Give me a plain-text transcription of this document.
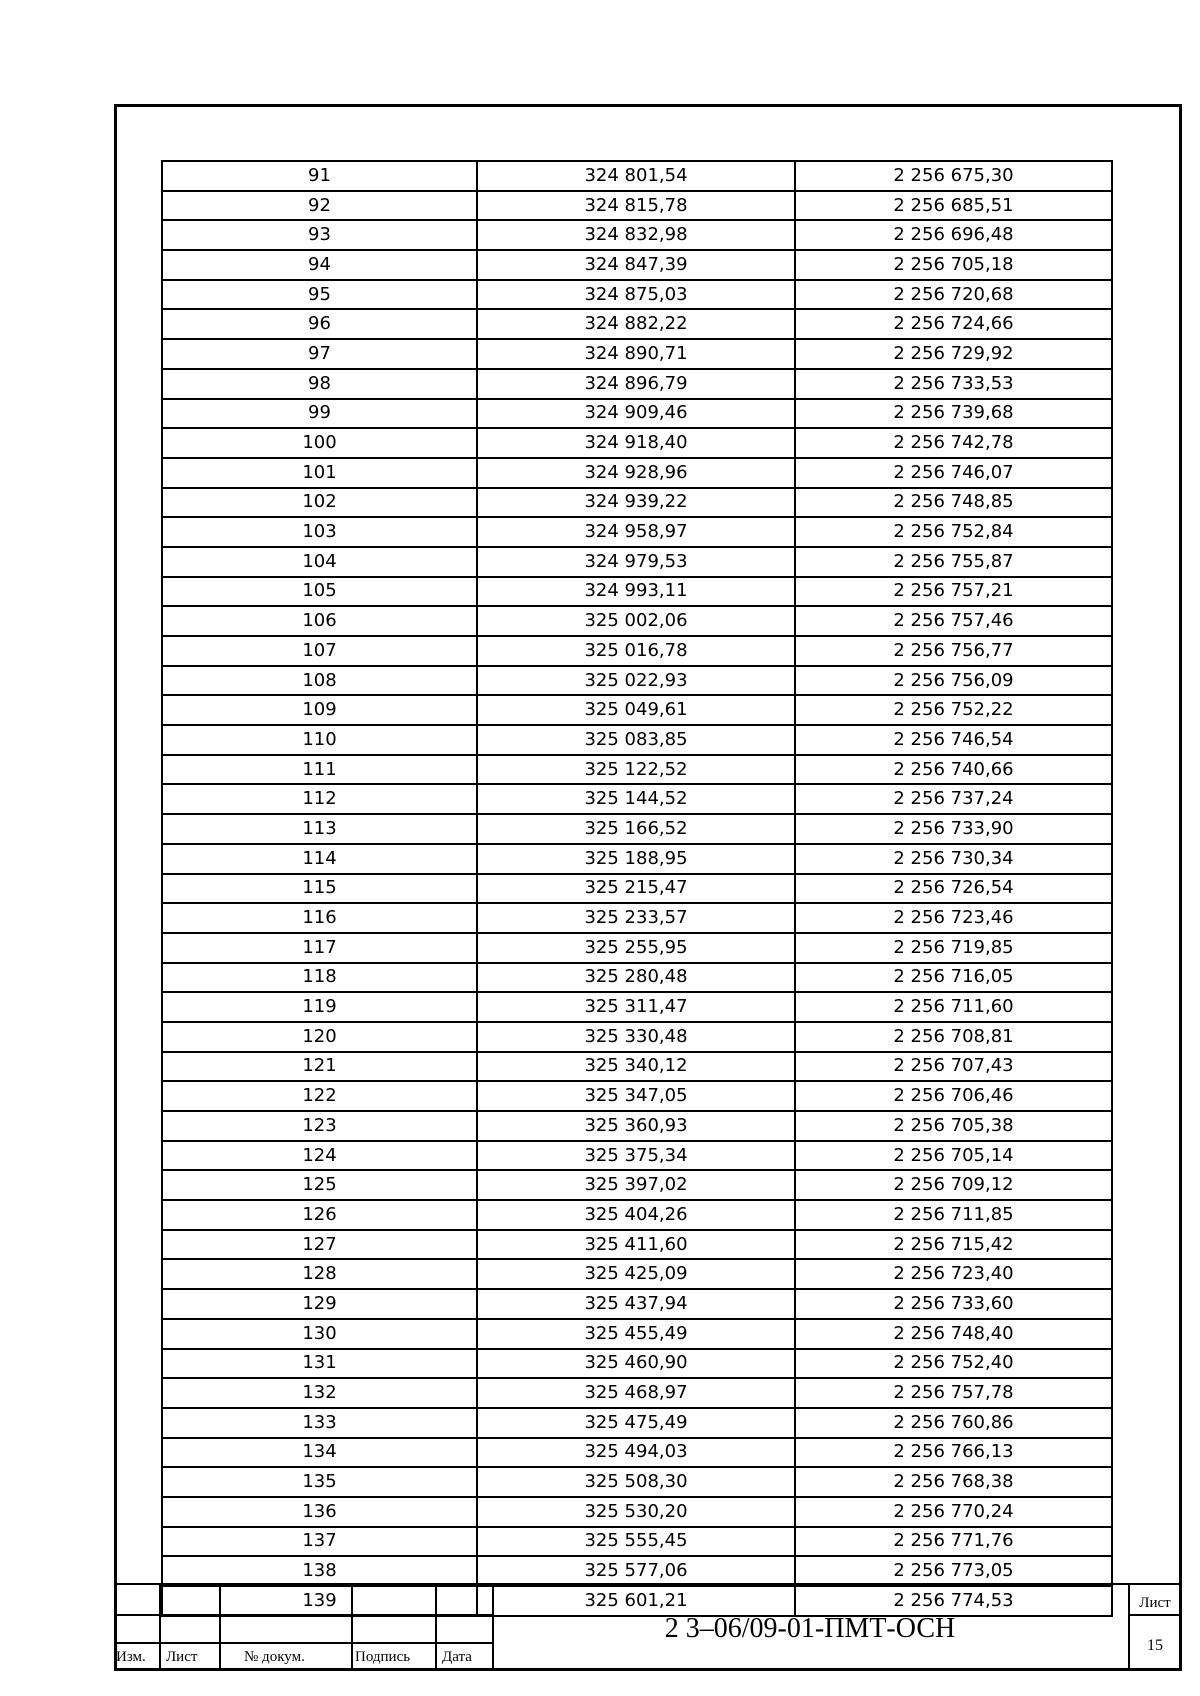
91	324 801,54	2 256 675,30
92	324 815,78	2 256 685,51
93	324 832,98	2 256 696,48
94	324 847,39	2 256 705,18
95	324 875,03	2 256 720,68
96	324 882,22	2 256 724,66
97	324 890,71	2 256 729,92
98	324 896,79	2 256 733,53
99	324 909,46	2 256 739,68
100	324 918,40	2 256 742,78
101	324 928,96	2 256 746,07
102	324 939,22	2 256 748,85
103	324 958,97	2 256 752,84
104	324 979,53	2 256 755,87
105	324 993,11	2 256 757,21
106	325 002,06	2 256 757,46
107	325 016,78	2 256 756,77
108	325 022,93	2 256 756,09
109	325 049,61	2 256 752,22
110	325 083,85	2 256 746,54
111	325 122,52	2 256 740,66
112	325 144,52	2 256 737,24
113	325 166,52	2 256 733,90
114	325 188,95	2 256 730,34
115	325 215,47	2 256 726,54
116	325 233,57	2 256 723,46
117	325 255,95	2 256 719,85
118	325 280,48	2 256 716,05
119	325 311,47	2 256 711,60
120	325 330,48	2 256 708,81
121	325 340,12	2 256 707,43
122	325 347,05	2 256 706,46
123	325 360,93	2 256 705,38
124	325 375,34	2 256 705,14
125	325 397,02	2 256 709,12
126	325 404,26	2 256 711,85
127	325 411,60	2 256 715,42
128	325 425,09	2 256 723,40
129	325 437,94	2 256 733,60
130	325 455,49	2 256 748,40
131	325 460,90	2 256 752,40
132	325 468,97	2 256 757,78
133	325 475,49	2 256 760,86
134	325 494,03	2 256 766,13
135	325 508,30	2 256 768,38
136	325 530,20	2 256 770,24
137	325 555,45	2 256 771,76
138	325 577,06	2 256 773,05
139	325 601,21	2 256 774,53
Изм. Лист	№ докум.	Подпись Дата
2 3–06/09-01-ПМТ-ОСН
Лист
15
